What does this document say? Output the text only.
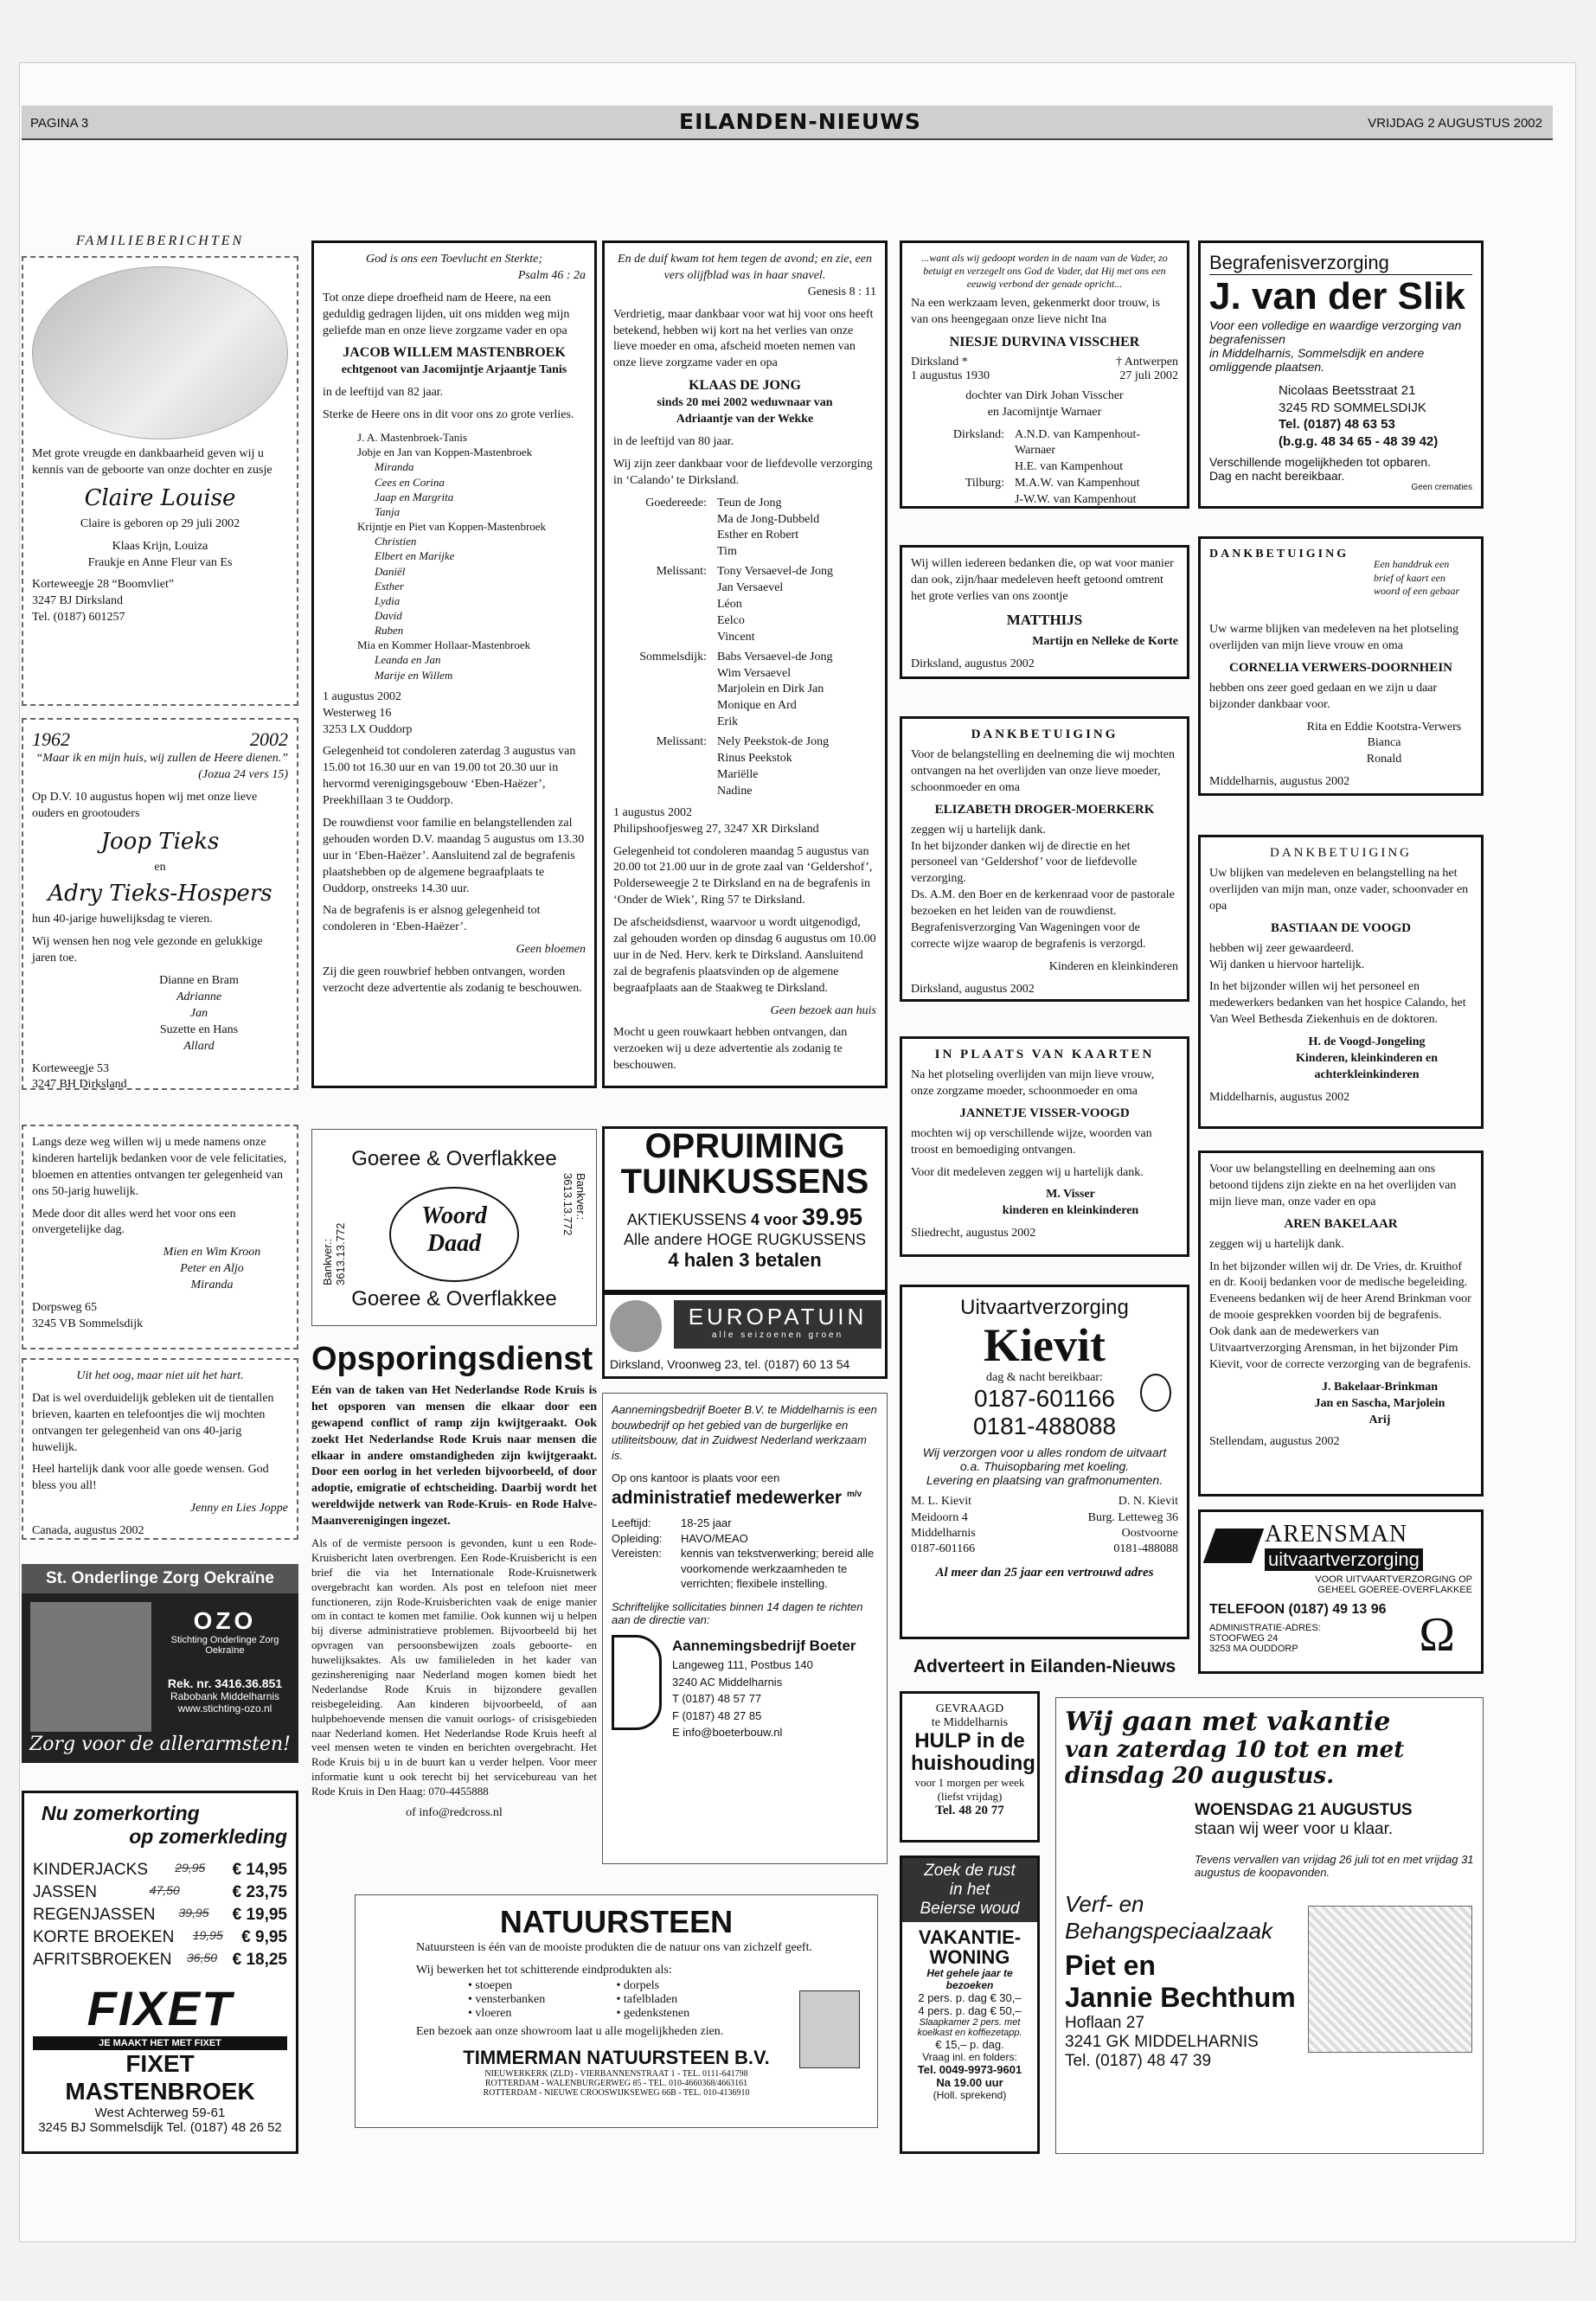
PAGINA 3	EILANDEN-NIEUWS	VRIJDAG 2 AUGUSTUS 2002
FAMILIEBERICHTEN
Met grote vreugde en dankbaarheid geven wij u kennis van de geboorte van onze dochter en zusje
Claire Louise
Claire is geboren op 29 juli 2002
Klaas Krijn, Louiza
Fraukje en Anne Fleur van Es
Korteweegje 28 “Boomvliet”
3247 BJ Dirksland
Tel. (0187) 601257
1962	2002
“Maar ik en mijn huis, wij zullen de Heere dienen.” (Jozua 24 vers 15)
Op D.V. 10 augustus hopen wij met onze lieve ouders en grootouders
Joop Tieks
en
Adry Tieks-Hospers
hun 40-jarige huwelijksdag te vieren.
Wij wensen hen nog vele gezonde en gelukkige jaren toe.
Dianne en Bram
Adrianne
Jan
Suzette en Hans
Allard
Korteweegje 53
3247 BH Dirksland
Langs deze weg willen wij u mede namens onze kinderen hartelijk bedanken voor de vele felicitaties, bloemen en attenties ontvangen ter gelegenheid van ons 50-jarig huwelijk.
Mede door dit alles werd het voor ons een onvergetelijke dag.
Mien en Wim Kroon
Peter en Aljo
Miranda
Dorpsweg 65
3245 VB Sommelsdijk
Uit het oog, maar niet uit het hart.
Dat is wel overduidelijk gebleken uit de tientallen brieven, kaarten en telefoontjes die wij mochten ontvangen ter gelegenheid van ons 40-jarig huwelijk.
Heel hartelijk dank voor alle goede wensen. God bless you all!
Jenny en Lies Joppe
Canada, augustus 2002
St. Onderlinge Zorg Oekraïne
OZO
Stichting Onderlinge Zorg Oekraïne
Rek. nr. 3416.36.851
Rabobank Middelharnis
www.stichting-ozo.nl
Zorg voor de allerarmsten!
Nu zomerkorting
op zomerkleding
KINDERJACKS 29,95 € 14,95
JASSEN	47,50	€ 23,75
REGENJASSEN 39,95 € 19,95
KORTE BROEKEN 19,95 € 9,95
AFRITSBROEKEN 36,50 € 18,25
FIXET
JE MAAKT HET MET FIXET
FIXET MASTENBROEK
West Achterweg 59-61
3245 BJ Sommelsdijk Tel. (0187) 48 26 52
God is ons een Toevlucht en Sterkte;
Psalm 46 : 2a
Tot onze diepe droefheid nam de Heere, na een geduldig gedragen lijden, uit ons midden weg mijn geliefde man en onze lieve zorgzame vader en opa
JACOB WILLEM MASTENBROEK
echtgenoot van Jacomijntje Arjaantje Tanis
in de leeftijd van 82 jaar.
Sterke de Heere ons in dit voor ons zo grote verlies.
J. A. Mastenbroek-Tanis
Jobje en Jan van Koppen-Mastenbroek
Miranda
Cees en Corina
Jaap en Margrita
Tanja
Krijntje en Piet van Koppen-Mastenbroek
Christien
Elbert en Marijke
Daniël
Esther
Lydia
David
Ruben
Mia en Kommer Hollaar-Mastenbroek
Leanda en Jan
Marije en Willem
1 augustus 2002
Westerweg 16
3253 LX Ouddorp
Gelegenheid tot condoleren zaterdag 3 augustus van 15.00 tot 16.30 uur en van 19.00 tot 20.30 uur in hervormd verenigingsgebouw ‘Eben-Haëzer’, Preekhillaan 3 te Ouddorp.
De rouwdienst voor familie en belangstellenden zal gehouden worden D.V. maandag 5 augustus om 13.30 uur in ‘Eben-Haëzer’. Aansluitend zal de begrafenis plaatshebben op de algemene begraafplaats te Ouddorp, onstreeks 14.30 uur.
Na de begrafenis is er alsnog gelegenheid tot condoleren in ‘Eben-Haëzer’.
Geen bloemen
Zij die geen rouwbrief hebben ontvangen, worden verzocht deze advertentie als zodanig te beschouwen.
Goeree & Overflakkee
Woord
Daad
Goeree & Overflakkee
Bankver.: 3613.13.772
Bankver.: 3613.13.772
Opsporingsdienst
Eén van de taken van Het Nederlandse Rode Kruis is het opsporen van mensen die elkaar door een gewapend conflict of ramp zijn kwijtgeraakt. Ook zoekt Het Nederlandse Rode Kruis naar mensen die elkaar in andere omstandigheden zijn kwijtgeraakt. Door een oorlog in het verleden bijvoorbeeld, of door adoptie, emigratie of echtscheiding. Daarbij wordt het wereldwijde netwerk van Rode-Kruis- en Rode Halve-Maanverenigingen ingezet.
Als of de vermiste persoon is gevonden, kunt u een Rode-Kruisbericht laten overbrengen. Een Rode-Kruisbericht is een brief die via het Internationale Rode-Kruisnetwerk overgebracht kan worden. Als post en telefoon niet meer functioneren, zijn Rode-Kruisberichten vaak de enige manier om in contact te komen met familie. Ook kunnen wij u helpen bij diverse administratieve problemen. Bijvoorbeeld bij het opvragen van persoonsbewijzen zoals geboorte- en huwelijksaktes. Als uw familieleden in het kader van gezinshereniging naar Nederland mogen komen biedt het Nederlandse Rode Kruis in bijzondere gevallen reisbegeleiding. Aan kinderen bijvoorbeeld, of aan hulpbehoevende mensen die vanuit oorlogs- of crisisgebieden naar Nederland komen. Het Nederlandse Rode Kruis heeft al veel mensen weten te vinden en berichten overgebracht. Het Rode Kruis bij u in de buurt kan u verder helpen. Voor meer informatie kunt u ook terecht bij het servicebureau van het Rode Kruis in Den Haag: 070-4455888
of info@redcross.nl
En de duif kwam tot hem tegen de avond; en zie, een vers olijfblad was in haar snavel.
Genesis 8 : 11
Verdrietig, maar dankbaar voor wat hij voor ons heeft betekend, hebben wij kort na het verlies van onze lieve moeder en oma, afscheid moeten nemen van onze lieve zorgzame vader en opa
KLAAS DE JONG
sinds 20 mei 2002 weduwnaar van
Adriaantje van der Wekke
in de leeftijd van 80 jaar.
Wij zijn zeer dankbaar voor de liefdevolle verzorging in ‘Calando’ te Dirksland.
Goedereede: Teun de Jong
Ma de Jong-Dubbeld
Esther en Robert
Tim
Melissant: Tony Versaevel-de Jong
Jan Versaevel
Léon
Eelco
Vincent
Sommelsdijk: Babs Versaevel-de Jong
Wim Versaevel
Marjolein en Dirk Jan
Monique en Ard
Erik
Melissant: Nely Peekstok-de Jong
Rinus Peekstok
Mariëlle
Nadine
1 augustus 2002
Philipshoofjesweg 27, 3247 XR Dirksland
Gelegenheid tot condoleren maandag 5 augustus van 20.00 tot 21.00 uur in de grote zaal van ‘Geldershof’, Polderseweegje 2 te Dirksland en na de begrafenis in ‘Onder de Wiek’, Ring 57 te Dirksland.
De afscheidsdienst, waarvoor u wordt uitgenodigd, zal gehouden worden op dinsdag 6 augustus om 10.00 uur in de Ned. Herv. kerk te Dirksland. Aansluitend zal de begrafenis plaatsvinden op de algemene begraafplaats aan de Staakweg te Dirksland.
Geen bezoek aan huis
Mocht u geen rouwkaart hebben ontvangen, dan verzoeken wij u deze advertentie als zodanig te beschouwen.
OPRUIMING
TUINKUSSENS
AKTIEKUSSENS 4 voor 39.95
Alle andere HOGE RUGKUSSENS
4 halen 3 betalen
EUROPATUIN
alle seizoenen groen
Dirksland, Vroonweg 23, tel. (0187) 60 13 54
Aannemingsbedrijf Boeter B.V. te Middelharnis is een bouwbedrijf op het gebied van de burgerlijke en utiliteitsbouw, dat in Zuidwest Nederland werkzaam is.
Op ons kantoor is plaats voor een
administratief medewerker $^{m/v}$
Leeftijd:	18-25 jaar
Opleiding:	HAVO/MEAO
Vereisten:	kennis van tekstverwerking; bereid alle voorkomende werkzaamheden te verrichten; flexibele instelling.
Schriftelijke sollicitaties binnen 14 dagen te richten aan de directie van:
Aannemingsbedrijf Boeter
Langeweg 111, Postbus 140
3240 AC Middelharnis
T (0187) 48 57 77
F (0187) 48 27 85
E info@boeterbouw.nl
NATUURSTEEN
Natuursteen is één van de mooiste produkten die de natuur ons van zichzelf geeft.
Wij bewerken het tot schitterende eindprodukten als:
• stoepen	• dorpels
• vensterbanken	• tafelbladen
• vloeren	• gedenkstenen
Een bezoek aan onze showroom laat u alle mogelijkheden zien.
TIMMERMAN NATUURSTEEN B.V.
NIEUWERKERK (ZLD) - VIERBANNENSTRAAT 1 - TEL. 0111-641798
ROTTERDAM - WALENBURGERWEG 85 - TEL. 010-4660368/4663161
ROTTERDAM - NIEUWE CROOSWIJKSEWEG 66B - TEL. 010-4136910
...want als wij gedoopt worden in de naam van de Vader, zo betuigt en verzegelt ons God de Vader, dat Hij met ons een eeuwig verbond der genade opricht...
Na een werkzaam leven, gekenmerkt door trouw, is van ons heengegaan onze lieve nicht Ina
NIESJE DURVINA VISSCHER
Dirksland *	† Antwerpen
1 augustus 1930	27 juli 2002
dochter van Dirk Johan Visscher
en Jacomijntje Warnaer
Dirksland: A.N.D. van Kampenhout-Warnaer
H.E. van Kampenhout
Tilburg: M.A.W. van Kampenhout
J-W.W. van Kampenhout
Wij willen iedereen bedanken die, op wat voor manier dan ook, zijn/haar medeleven heeft getoond omtrent het grote verlies van ons zoontje
MATTHIJS
Martijn en Nelleke de Korte
Dirksland, augustus 2002
DANKBETUIGING
Voor de belangstelling en deelneming die wij mochten ontvangen na het overlijden van onze lieve moeder, schoonmoeder en oma
ELIZABETH DROGER-MOERKERK
zeggen wij u hartelijk dank.
In het bijzonder danken wij de directie en het personeel van ‘Geldershof’ voor de liefdevolle verzorging.
Ds. A.M. den Boer en de kerkenraad voor de pastorale bezoeken en het leiden van de rouwdienst. Begrafenisverzorging Van Wageningen voor de correcte wijze waarop de begrafenis is verzorgd.
Kinderen en kleinkinderen
Dirksland, augustus 2002
IN PLAATS VAN KAARTEN
Na het plotseling overlijden van mijn lieve vrouw, onze zorgzame moeder, schoonmoeder en oma
JANNETJE VISSER-VOOGD
mochten wij op verschillende wijze, woorden van troost en bemoediging ontvangen.
Voor dit medeleven zeggen wij u hartelijk dank.
M. Visser
kinderen en kleinkinderen
Sliedrecht, augustus 2002
Uitvaartverzorging
Kievit
dag & nacht bereikbaar:
0187-601166
0181-488088
Wij verzorgen voor u alles rondom de uitvaart
o.a. Thuisopbaring met koeling.
Levering en plaatsing van grafmonumenten.
M. L. Kievit
Meidoorn 4
Middelharnis
0187-601166
D. N. Kievit
Burg. Letteweg 36
Oostvoorne
0181-488088
Al meer dan 25 jaar een vertrouwd adres
Adverteert in Eilanden-Nieuws
GEVRAAGD
te Middelharnis
HULP in de huishouding
voor 1 morgen per week
(liefst vrijdag)
Tel. 48 20 77
Zoek de rust
in het
Beierse woud
VAKANTIE-WONING
Het gehele jaar te bezoeken
2 pers. p. dag € 30,–
4 pers. p. dag € 50,–
Slaapkamer 2 pers. met koelkast en koffiezetapp.
€ 15,– p. dag.
Vraag inl. en folders:
Tel. 0049-9973-9601
Na 19.00 uur
(Holl. sprekend)
Begrafenisverzorging
J. van der Slik
Voor een volledige en waardige verzorging van begrafenissen
in Middelharnis, Sommelsdijk en andere omliggende plaatsen.
Nicolaas Beetsstraat 21
3245 RD SOMMELSDIJK
Tel. (0187) 48 63 53
(b.g.g. 48 34 65 - 48 39 42)
Verschillende mogelijkheden tot opbaren.
Dag en nacht bereikbaar.
Geen crematies
DANKBETUIGING
Een handdruk een brief of kaart een woord of een gebaar
Uw warme blijken van medeleven na het plotseling overlijden van mijn lieve vrouw en oma
CORNELIA VERWERS-DOORNHEIN
hebben ons zeer goed gedaan en we zijn u daar bijzonder dankbaar voor.
Rita en Eddie Kootstra-Verwers
Bianca
Ronald
Middelharnis, augustus 2002
DANKBETUIGING
Uw blijken van medeleven en belangstelling na het overlijden van mijn man, onze vader, schoonvader en opa
BASTIAAN DE VOOGD
hebben wij zeer gewaardeerd.
Wij danken u hiervoor hartelijk.
In het bijzonder willen wij het personeel en medewerkers bedanken van het hospice Calando, het Van Weel Bethesda Ziekenhuis en de doktoren.
H. de Voogd-Jongeling
Kinderen, kleinkinderen en achterkleinkinderen
Middelharnis, augustus 2002
Voor uw belangstelling en deelneming aan ons betoond tijdens zijn ziekte en na het overlijden van mijn lieve man, onze vader en opa
AREN BAKELAAR
zeggen wij u hartelijk dank.
In het bijzonder willen wij dr. De Vries, dr. Kruithof en dr. Kooij bedanken voor de medische begeleiding.
Eveneens bedanken wij de heer Arend Brinkman voor de mooie gesprekken voorden bij de begrafenis.
Ook dank aan de medewerkers van Uitvaartverzorging Arensman, in het bijzonder Pim Kievit, voor de correcte verzorging van de begrafenis.
J. Bakelaar-Brinkman
Jan en Sascha, Marjolein
Arij
Stellendam, augustus 2002
ARENSMAN
uitvaartverzorging
VOOR UITVAARTVERZORGING OP
GEHEEL GOEREE-OVERFLAKKEE
TELEFOON (0187) 49 13 96
ADMINISTRATIE-ADRES:
STOOFWEG 24
3253 MA OUDDORP	Ω
Wij gaan met vakantie
van zaterdag 10 tot en met
dinsdag 20 augustus.
WOENSDAG 21 AUGUSTUS
staan wij weer voor u klaar.
Tevens vervallen van vrijdag 26 juli tot en met vrijdag 31 augustus de koopavonden.
Verf- en
Behangspeciaalzaak
Piet en
Jannie Bechthum
Hoflaan 27
3241 GK MIDDELHARNIS
Tel. (0187) 48 47 39
